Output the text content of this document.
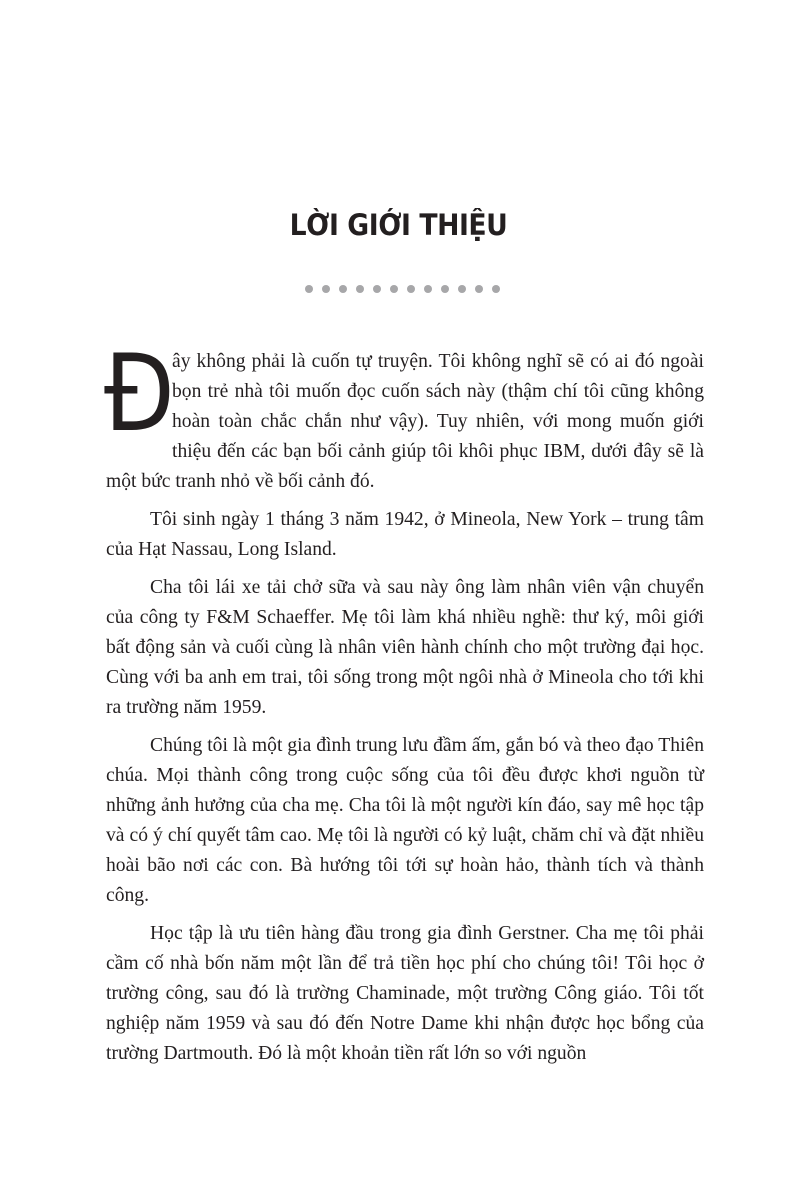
LỜI GIỚI THIỆU

Đ
ây không phải là cuốn tự truyện. Tôi không nghĩ sẽ có ai đó ngoài bọn trẻ nhà tôi muốn đọc cuốn sách này (thậm chí tôi cũng không hoàn toàn chắc chắn như vậy). Tuy nhiên, với mong muốn giới thiệu đến các bạn bối cảnh giúp tôi khôi phục IBM, dưới đây sẽ là một bức tranh nhỏ về bối cảnh đó.

Tôi sinh ngày 1 tháng 3 năm 1942, ở Mineola, New York – trung tâm của Hạt Nassau, Long Island.

Cha tôi lái xe tải chở sữa và sau này ông làm nhân viên vận chuyển của công ty F&M Schaeffer. Mẹ tôi làm khá nhiều nghề: thư ký, môi giới bất động sản và cuối cùng là nhân viên hành chính cho một trường đại học. Cùng với ba anh em trai, tôi sống trong một ngôi nhà ở Mineola cho tới khi ra trường năm 1959.

Chúng tôi là một gia đình trung lưu đầm ấm, gắn bó và theo đạo Thiên chúa. Mọi thành công trong cuộc sống của tôi đều được khơi nguồn từ những ảnh hưởng của cha mẹ. Cha tôi là một người kín đáo, say mê học tập và có ý chí quyết tâm cao. Mẹ tôi là người có kỷ luật, chăm chỉ và đặt nhiều hoài bão nơi các con. Bà hướng tôi tới sự hoàn hảo, thành tích và thành công.

Học tập là ưu tiên hàng đầu trong gia đình Gerstner. Cha mẹ tôi phải cầm cố nhà bốn năm một lần để trả tiền học phí cho chúng tôi! Tôi học ở trường công, sau đó là trường Chaminade, một trường Công giáo. Tôi tốt nghiệp năm 1959 và sau đó đến Notre Dame khi nhận được học bổng của trường Dartmouth. Đó là một khoản tiền rất lớn so với nguồn
